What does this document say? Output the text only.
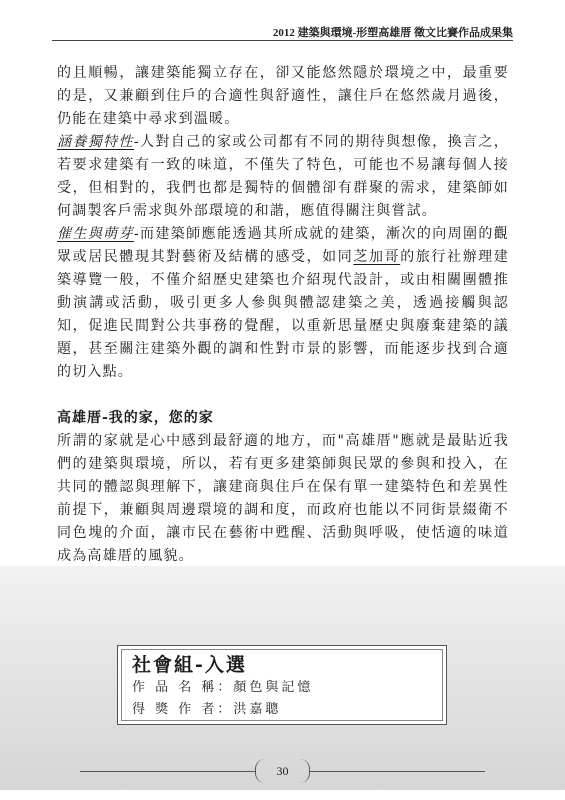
2012 建築與環境-形塑高雄厝 徵文比賽作品成果集

的且順暢，讓建築能獨立存在，卻又能悠然隱於環境之中，最重要的是，又兼顧到住戶的合適性與舒適性，讓住戶在悠然歲月過後，仍能在建築中尋求到溫暖。

涵養獨特性-人對自己的家或公司都有不同的期待與想像，換言之，若要求建築有一致的味道，不僅失了特色，可能也不易讓每個人接受，但相對的，我們也都是獨特的個體卻有群聚的需求，建築師如何調製客戶需求與外部環境的和諧，應值得關注與嘗試。

催生與萌芽-而建築師應能透過其所成就的建築，漸次的向周圍的觀眾或居民體現其對藝術及結構的感受，如同芝加哥的旅行社辦理建築導覽一般，不僅介紹歷史建築也介紹現代設計，或由相關團體推動演講或活動，吸引更多人參與與體認建築之美，透過接觸與認知，促進民間對公共事務的覺醒，以重新思量歷史與廢棄建築的議題，甚至關注建築外觀的調和性對市景的影響，而能逐步找到合適的切入點。

高雄厝-我的家，您的家

所謂的家就是心中感到最舒適的地方，而"高雄厝"應就是最貼近我們的建築與環境，所以，若有更多建築師與民眾的參與和投入，在共同的體認與理解下，讓建商與住戶在保有單一建築特色和差異性前提下，兼顧與周邊環境的調和度，而政府也能以不同街景綴衛不同色塊的介面，讓市民在藝術中甦醒、活動與呼吸，使恬適的味道成為高雄厝的風貌。

社會組-入選
作 品 名 稱：顏色與記憶
得 獎 作 者：洪嘉聰
30
